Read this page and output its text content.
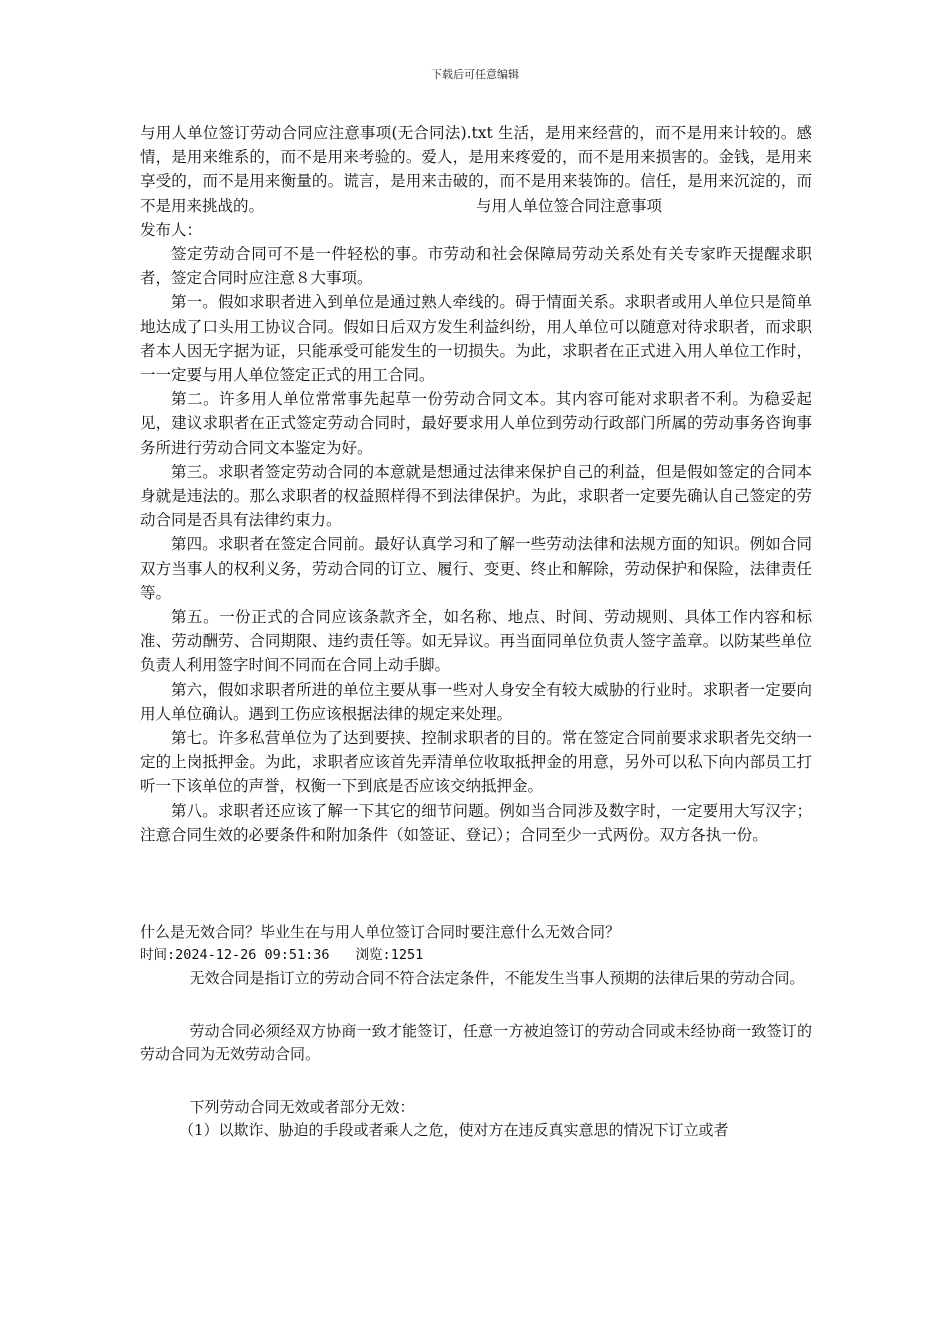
下载后可任意编辑

与用人单位签订劳动合同应注意事项(无合同法).txt 生活，是用来经营的，而不是用来计较的。感情，是用来维系的，而不是用来考验的。爱人，是用来疼爱的，而不是用来损害的。金钱，是用来享受的，而不是用来衡量的。谎言，是用来击破的，而不是用来装饰的。信任，是用来沉淀的，而不是用来挑战的。	与用人单位签合同注意事项

发布人：

签定劳动合同可不是一件轻松的事。市劳动和社会保障局劳动关系处有关专家昨天提醒求职者，签定合同时应注意８大事项。

第一。假如求职者进入到单位是通过熟人牵线的。碍于情面关系。求职者或用人单位只是简单地达成了口头用工协议合同。假如日后双方发生利益纠纷，用人单位可以随意对待求职者，而求职者本人因无字据为证，只能承受可能发生的一切损失。为此，求职者在正式进入用人单位工作时，一一定要与用人单位签定正式的用工合同。

第二。许多用人单位常常事先起草一份劳动合同文本。其内容可能对求职者不利。为稳妥起见，建议求职者在正式签定劳动合同时，最好要求用人单位到劳动行政部门所属的劳动事务咨询事务所进行劳动合同文本鉴定为好。

第三。求职者签定劳动合同的本意就是想通过法律来保护自己的利益，但是假如签定的合同本身就是违法的。那么求职者的权益照样得不到法律保护。为此，求职者一定要先确认自己签定的劳动合同是否具有法律约束力。

第四。求职者在签定合同前。最好认真学习和了解一些劳动法律和法规方面的知识。例如合同双方当事人的权利义务，劳动合同的订立、履行、变更、终止和解除，劳动保护和保险，法律责任等。

第五。一份正式的合同应该条款齐全，如名称、地点、时间、劳动规则、具体工作内容和标准、劳动酬劳、合同期限、违约责任等。如无异议。再当面同单位负责人签字盖章。以防某些单位负责人利用签字时间不同而在合同上动手脚。

第六，假如求职者所进的单位主要从事一些对人身安全有较大威胁的行业时。求职者一定要向用人单位确认。遇到工伤应该根据法律的规定来处理。

第七。许多私营单位为了达到要挟、控制求职者的目的。常在签定合同前要求求职者先交纳一定的上岗抵押金。为此，求职者应该首先弄清单位收取抵押金的用意，另外可以私下向内部员工打听一下该单位的声誉，权衡一下到底是否应该交纳抵押金。

第八。求职者还应该了解一下其它的细节问题。例如当合同涉及数字时，一定要用大写汉字；注意合同生效的必要条件和附加条件（如签证、登记）；合同至少一式两份。双方各执一份。

什么是无效合同？毕业生在与用人单位签订合同时要注意什么无效合同？

时间:2024-12-26 09:51:36 浏览:1251

无效合同是指订立的劳动合同不符合法定条件，不能发生当事人预期的法律后果的劳动合同。

劳动合同必须经双方协商一致才能签订，任意一方被迫签订的劳动合同或未经协商一致签订的劳动合同为无效劳动合同。

下列劳动合同无效或者部分无效：

（1）以欺诈、胁迫的手段或者乘人之危，使对方在违反真实意思的情况下订立或者
